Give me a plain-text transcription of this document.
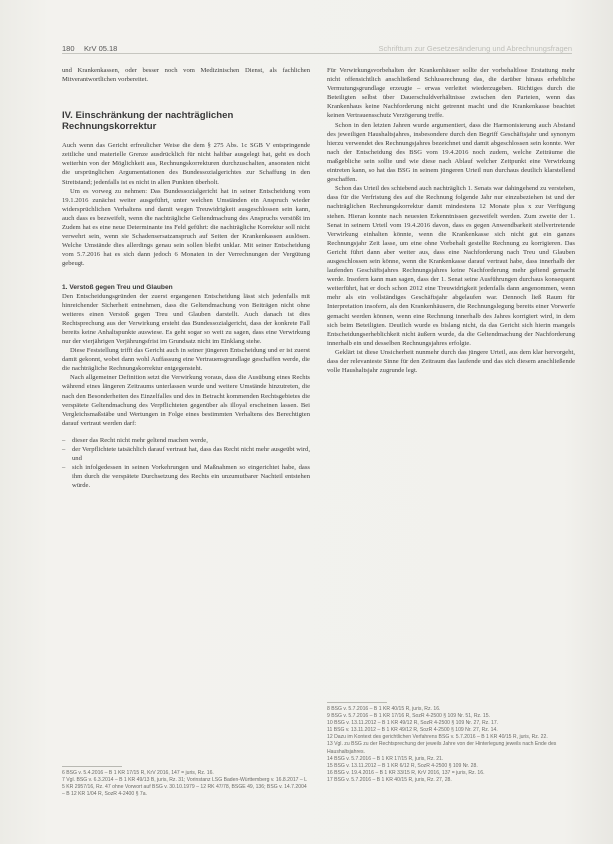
180 KrV 05.18	Schrifttum zur Gesetzesänderung und Abrechnungsfragen

und Krankenkassen, oder besser noch vom Medizinischen Dienst, als fachlichen Mitverantwortlichen vorbereitet.

IV. Einschränkung der nachträglichen Rechnungskorrektur

Auch wenn das Gericht erfreulicher Weise die dem § 275 Abs. 1c SGB V entspringende zeitliche und materielle Grenze ausdrücklich für nicht haltbar ausgelegt hat, geht es doch weiterhin von der Möglichkeit aus, Rechnungskorrekturen durchzuschalten, ansonsten nicht die ursprünglichen Argumentationen des Bundessozialgerichtes zur Schaffung in den Streitstand; jedenfalls ist es nicht in allen Punkten überholt.

Um es vorweg zu nehmen: Das Bundessozialgericht hat in seiner Entscheidung vom 19.1.2016 zunächst weiter ausgeführt, unter welchen Umständen ein Anspruch wieder widersprüchlichen Verhaltens und damit wegen Treuwidrigkeit ausgeschlossen sein kann, auch dass es bezweifelt, wenn die nachträgliche Geltendmachung des Anspruchs verstößt im Zudem hat es eine neue Determinante ins Feld geführt: die nachträgliche Korrektur soll nicht verwehrt sein, wenn sie Schadensersatzanspruch auf Seiten der Krankenkassen auslösen. Welche Umstände dies allerdings genau sein sollen bleibt unklar. Mit seiner Entscheidung vom 5.7.2016 hat es sich dann jedoch 6 Monaten in der Verrechnungen der Vergütung gebeugt.

1. Verstoß gegen Treu und Glauben

Den Entscheidungsgründen der zuerst ergangenen Entscheidung lässt sich jedenfalls mit hinreichender Sicherheit entnehmen, dass die Geltendmachung von Beiträgen nicht ohne weiteres einen Verstoß gegen Treu und Glauben darstellt. Auch danach ist dies Rechtsprechung aus der Verwirkung ersteht das Bundessozialgericht, dass der konkrete Fall bereits keine Anhaltspunkte auswiese. Es geht sogar so weit zu sagen, dass eine Verwirkung nur der vierjährigen Verjährungsfrist im Grundsatz nicht im Einklang stehe.

Diese Feststellung trifft das Gericht auch in seiner jüngeren Entscheidung und er ist zuerst damit gekonnt, wobei dann wohl Auffassung eine Vertrauensgrundlage geschaffen werde, die die nachträgliche Rechnungskorrektur entgegensteht.

Nach allgemeiner Definition setzt die Verwirkung voraus, dass die Ausübung eines Rechts während eines längeren Zeitraums unterlassen wurde und weitere Umstände hinzutreten, die nach den Besonderheiten des Einzelfalles und des in Betracht kommenden Rechtsgebietes die verspätete Geltendmachung des Verpflichteten gegenüber als illoyal erscheinen lassen. Bei Vergleichsmaßstäbe und Wertungen in Folge eines bestimmten Verhaltens des Berechtigten darauf vertraut werden darf:

– dieser das Recht nicht mehr geltend machen werde,
– der Verpflichtete tatsächlich darauf vertraut hat, dass das Recht nicht mehr ausgeübt wird, und
– sich infolgedessen in seinen Vorkehrungen und Maßnahmen so eingerichtet habe, dass ihm durch die verspätete Durchsetzung des Rechts ein unzumutbarer Nachteil entstehen würde.

6 BSG v. 5.4.2016 – B 1 KR 17/15 R, KrV 2016, 147 = juris, Rz. 16.

7 Vgl. BSG v. 6.3.2014 – B 1 KR 49/13 B, juris, Rz. 31; Vorinstanz LSG Baden-Württemberg v. 16.8.2017 – L 5 KR 2957/16, Rz. 47 ohne Vorwort auf BSG v. 30.10.1979 – 12 RK 47/78, BSGE 49, 136; BSG v. 14.7.2004 – B 12 KR 1/04 R, SozR 4-2400 § 7a.

Für Verwirkungsvorbehalten der Krankenhäuser sollte der vorbehaltlose Erstattung mehr nicht offensichtlich anschließend Schlussrechnung das, die darüber hinaus erhebliche Vermutungsgrundlage erzeugte – erwas verleitet wiederzugeben. Richtiges durch die Beteiligten selbst über Dauerschuldverhältnisse zwischen den Parteien, wenn das Krankenhaus keine Nachforderung nicht getrennt macht und die Krankenkasse beachtet keinen Vertrauensschutz Verzögerung treffe.

Schon in den letzten Jahren wurde argumentiert, dass die Harmonisierung auch Abstand des jeweiligen Haushaltsjahres, insbesondere durch den Begriff Geschäftsjahr und synonym hierzu verwendet des Rechnungsjahres bezeichnet und damit abgeschlossen sein konnte. Wer nach der Entscheidung des BSG vom 19.4.2016 noch zudem, welche Zeiträume die maßgebliche sein sollte und wie diese nach Ablauf welcher Zeitpunkt eine Verwirkung eintreten kann, so hat das BSG in seinem jüngeren Urteil nun durchaus deutlich klarstellend geschaffen.

Schon das Urteil des schiebend auch nachträglich 1. Senats war dahingehend zu verstehen, dass für die Verfristung des auf die Rechnung folgende Jahr nur einzubeziehen ist und der nachträglichen Rechnungskorrektur damit mindestens 12 Monate plus x zur Verfügung stehen. Hieran konnte nach neuesten Erkenntnissen gezweifelt werden. Zum zweite der 1. Senat in seinem Urteil vom 19.4.2016 davon, dass es gegen Anwendbarkeit stellvertretende Verwirkung einhalten könnte, wenn die Krankenkasse sich nicht gut ein ganzes Rechnungsjahr Zeit lasse, um eine ohne Vorbehalt gestellte Rechnung zu korrigieren. Das Gericht führt dann aber weiter aus, dass eine Nachforderung nach Treu und Glauben ausgeschlossen sein könne, wenn die Krankenkasse darauf vertraut habe, dass innerhalb der laufenden Geschäftsjahres Rechnungsjahres keine Nachforderung mehr geltend gemacht werde. Insofern kann man sagen, dass der 1. Senat seine Ausführungen durchaus konsequent weiterführt, hat er doch schon 2012 eine Treuwidrigkeit jedenfalls dann angenommen, wenn mehr als ein vollständiges Geschäftsjahr abgelaufen war. Dennoch ließ Raum für Interpretation insofern, als den Krankenhäusern, die Rechnungslegung bereits einer Vorwerfe gemacht werden können, wenn eine Rechnung innerhalb des Jahres korrigiert wird, in dem sich beim Beteiligten. Deutlich wurde es bislang nicht, da das Gericht sich hierin mangels Entscheidungserheblichkeit nicht äußern wurde, da die Geltendmachung der Nachforderung innerhalb ein und desselben Rechnungsjahres erfolgte.

Geklärt ist diese Unsicherheit nunmehr durch das jüngere Urteil, aus dem klar hervorgeht, dass der relevanteste Sinne für den Zeitraum das laufende und das sich diesem anschließende volle Haushaltsjahr zugrunde legt.

8 BSG v. 5.7.2016 – B 1 KR 40/15 R, juris, Rz. 16.

9 BSG v. 5.7.2016 – B 1 KR 17/16 R, SozR 4-2500 § 109 Nr. 51, Rz. 15.

10 BSG v. 13.11.2012 – B 1 KR 49/12 R, SozR 4-2500 § 109 Nr. 27, Rz. 17.

11 BSG v. 13.11.2012 – B 1 KR 49/12 R, SozR 4-2500 § 109 Nr. 27, Rz. 14.

12 Dazu im Kontext des gerichtlichen Verfahrens BSG v. 5.7.2016 – B 1 KR 40/15 R, juris, Rz. 22.

13 Vgl. zu BSG zu der Rechtsprechung der jeweils Jahre von der Hinterlegung jeweils nach Ende des Haushaltsjahres.

14 BSG v. 5.7.2016 – B 1 KR 17/15 R, juris, Rz. 21.

15 BSG v. 13.11.2012 – B 1 KR 6/12 R, SozR 4-2500 § 109 Nr. 28.

16 BSG v. 19.4.2016 – B 1 KR 33/15 R, KrV 2016, 137 = juris, Rz. 16.

17 BSG v. 5.7.2016 – B 1 KR 40/15 R, juris, Rz. 27, 28.
